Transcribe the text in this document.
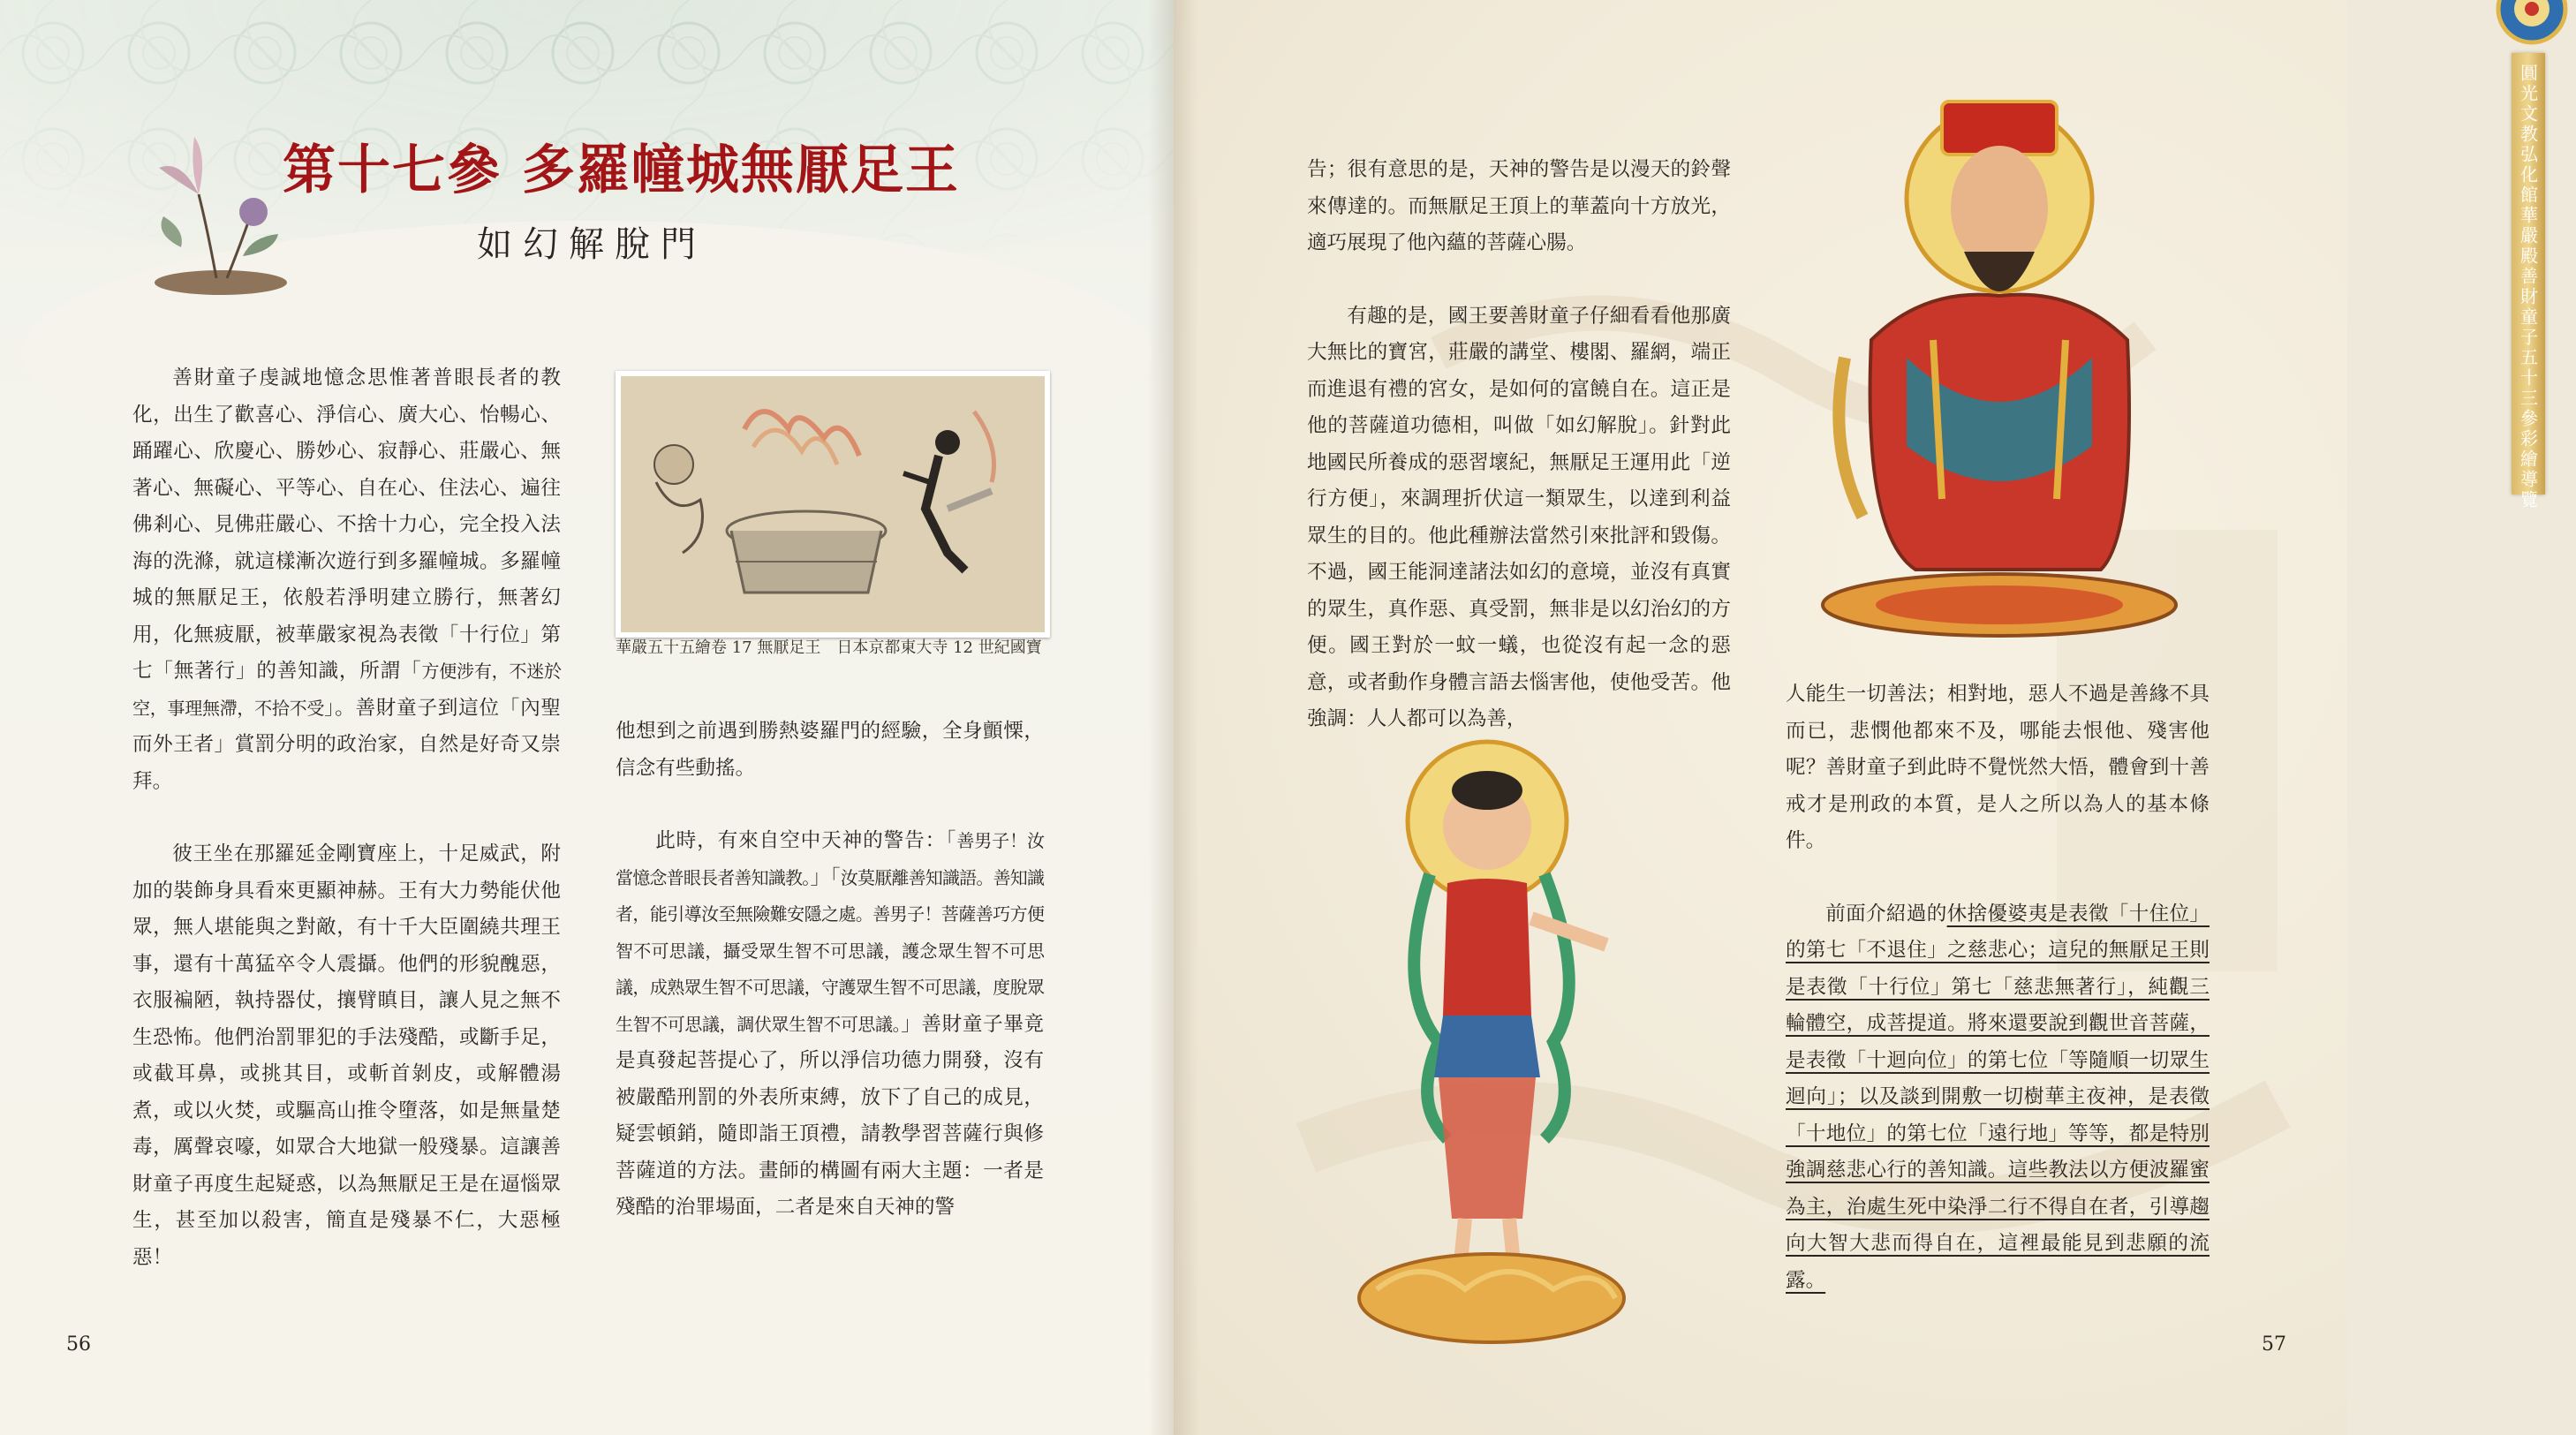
第十七參 多羅幢城無厭足王
如幻解脫門

善財童子虔誠地憶念思惟著普眼長者的教化，出生了歡喜心、淨信心、廣大心、怡暢心、踊躍心、欣慶心、勝妙心、寂靜心、莊嚴心、無著心、無礙心、平等心、自在心、住法心、遍往佛剎心、見佛莊嚴心、不捨十力心，完全投入法海的洗滌，就這樣漸次遊行到多羅幢城。多羅幢城的無厭足王，依般若淨明建立勝行，無著幻用，化無疲厭，被華嚴家視為表徵「十行位」第七「無著行」的善知識，所謂「方便涉有，不迷於空，事理無滯，不拾不受」。善財童子到這位「內聖而外王者」賞罰分明的政治家，自然是好奇又崇拜。

彼王坐在那羅延金剛寶座上，十足威武，附加的裝飾身具看來更顯神赫。王有大力勢能伏他眾，無人堪能與之對敵，有十千大臣圍繞共理王事，還有十萬猛卒令人震攝。他們的形貌醜惡，衣服褊陋，執持器仗，攘臂瞋目，讓人見之無不生恐怖。他們治罰罪犯的手法殘酷，或斷手足，或截耳鼻，或挑其目，或斬首剝皮，或解體湯煮，或以火焚，或驅高山推令墮落，如是無量楚毒，厲聲哀嚎，如眾合大地獄一般殘暴。這讓善財童子再度生起疑惑，以為無厭足王是在逼惱眾生，甚至加以殺害，簡直是殘暴不仁，大惡極惡！

華嚴五十五繪卷 17 無厭足王　日本京都東大寺 12 世紀國寶

他想到之前遇到勝熱婆羅門的經驗，全身顫慄，信念有些動搖。

此時，有來自空中天神的警告：「善男子！汝當憶念普眼長者善知識教。」「汝莫厭離善知識語。善知識者，能引導汝至無險難安隱之處。善男子！菩薩善巧方便智不可思議，攝受眾生智不可思議，護念眾生智不可思議，成熟眾生智不可思議，守護眾生智不可思議，度脫眾生智不可思議，調伏眾生智不可思議。」善財童子畢竟是真發起菩提心了，所以淨信功德力開發，沒有被嚴酷刑罰的外表所束縛，放下了自己的成見，疑雲頓銷，隨即詣王頂禮，請教學習菩薩行與修菩薩道的方法。畫師的構圖有兩大主題：一者是殘酷的治罪場面，二者是來自天神的警

56

告；很有意思的是，天神的警告是以漫天的鈴聲來傳達的。而無厭足王頂上的華蓋向十方放光，適巧展現了他內蘊的菩薩心腸。

有趣的是，國王要善財童子仔細看看他那廣大無比的寶宮，莊嚴的講堂、樓閣、羅網，端正而進退有禮的宮女，是如何的富饒自在。這正是他的菩薩道功德相，叫做「如幻解脫」。針對此地國民所養成的惡習壞紀，無厭足王運用此「逆行方便」，來調理折伏這一類眾生，以達到利益眾生的目的。他此種辦法當然引來批評和毀傷。不過，國王能洞達諸法如幻的意境，並沒有真實的眾生，真作惡、真受罰，無非是以幻治幻的方便。國王對於一蚊一蟻，也從沒有起一念的惡意，或者動作身體言語去惱害他，使他受苦。他強調：人人都可以為善，

人能生一切善法；相對地，惡人不過是善緣不具而已，悲憫他都來不及，哪能去恨他、殘害他呢？善財童子到此時不覺恍然大悟，體會到十善戒才是刑政的本質，是人之所以為人的基本條件。

前面介紹過的休捨優婆夷是表徵「十住位」的第七「不退住」之慈悲心；這兒的無厭足王則是表徵「十行位」第七「慈悲無著行」，純觀三輪體空，成菩提道。將來還要說到觀世音菩薩，是表徵「十迴向位」的第七位「等隨順一切眾生迴向」；以及談到開敷一切樹華主夜神，是表徵「十地位」的第七位「遠行地」等等，都是特別強調慈悲心行的善知識。這些教法以方便波羅蜜為主，治處生死中染淨二行不得自在者，引導趨向大智大悲而得自在，這裡最能見到悲願的流露。

圓光文教弘化館華嚴殿善財童子五十三參彩繪導覽
57
